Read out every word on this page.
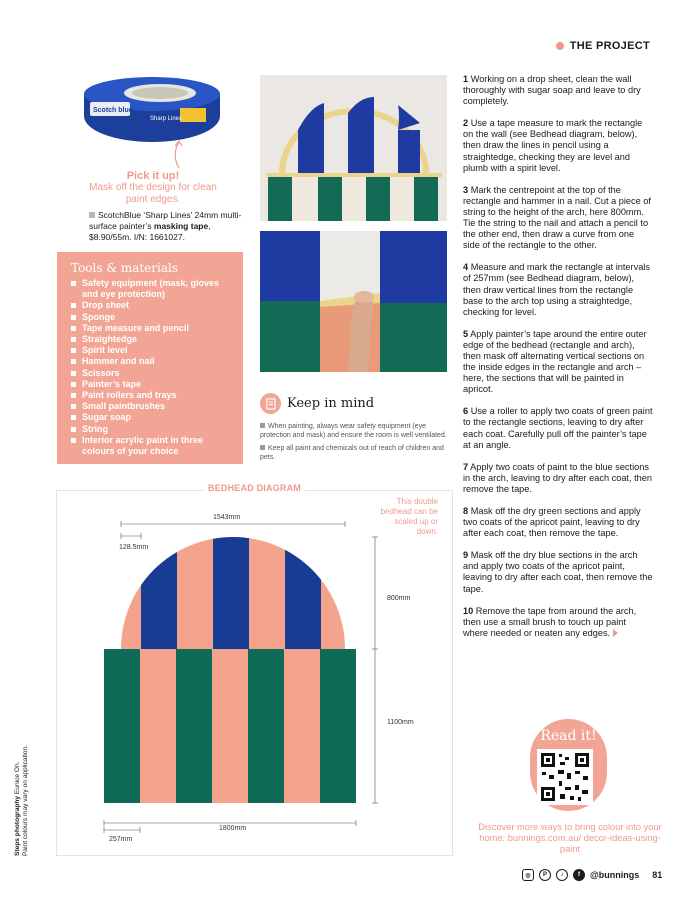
THE PROJECT
Scotch blue
Sharp Lines
Pick it up!
Mask off the design for clean paint edges.
ScotchBlue ‘Sharp Lines’ 24mm multi-surface painter’s masking tape, $8.90/55m. I/N: 1661027.
Tools & materials
Safety equipment (mask, gloves and eye protection)
Drop sheet
Sponge
Tape measure and pencil
Straightedge
Spirit level
Hammer and nail
Scissors
Painter’s tape
Paint rollers and trays
Small paintbrushes
Sugar soap
String
Interior acrylic paint in three colours of your choice
Keep in mind

When painting, always wear safety equipment (eye protection and mask) and ensure the room is well ventilated.

Keep all paint and chemicals out of reach of children and pets.

1 Working on a drop sheet, clean the wall thoroughly with sugar soap and leave to dry completely.
2 Use a tape measure to mark the rectangle on the wall (see Bedhead diagram, below), then draw the lines in pencil using a straightedge, checking they are level and plumb with a spirit level.
3 Mark the centrepoint at the top of the rectangle and hammer in a nail. Cut a piece of string to the height of the arch, here 800mm. Tie the string to the nail and attach a pencil to the other end, then draw a curve from one side of the rectangle to the other.
4 Measure and mark the rectangle at intervals of 257mm (see Bedhead diagram, below), then draw vertical lines from the rectangle base to the arch top using a straightedge, checking for level.
5 Apply painter’s tape around the entire outer edge of the bedhead (rectangle and arch), then mask off alternating vertical sections on the inside edges in the rectangle and arch – here, the sections that will be painted in apricot.
6 Use a roller to apply two coats of green paint to the rectangle sections, leaving to dry after each coat. Carefully pull off the painter’s tape at an angle.
7 Apply two coats of paint to the blue sections in the arch, leaving to dry after each coat, then remove the tape.
8 Mask off the dry green sections and apply two coats of the apricot paint, leaving to dry after each coat, then remove the tape.
9 Mask off the dry blue sections in the arch and apply two coats of the apricot paint, leaving to dry after each coat, then remove the tape.
10 Remove the tape from around the arch, then use a small brush to touch up paint where needed or neaten any edges.
BEDHEAD DIAGRAM
This double bedhead can be scaled up or down.
1543mm
128.5mm
800mm
1100mm
1800mm
257mm
Read it!
Discover more ways to bring colour into your home: bunnings.com.au/ decor-ideas-using-paint
◎	P	♪	f	@bunnings 81
Steps photography Eunice Oh. Paint colours may vary on application.
